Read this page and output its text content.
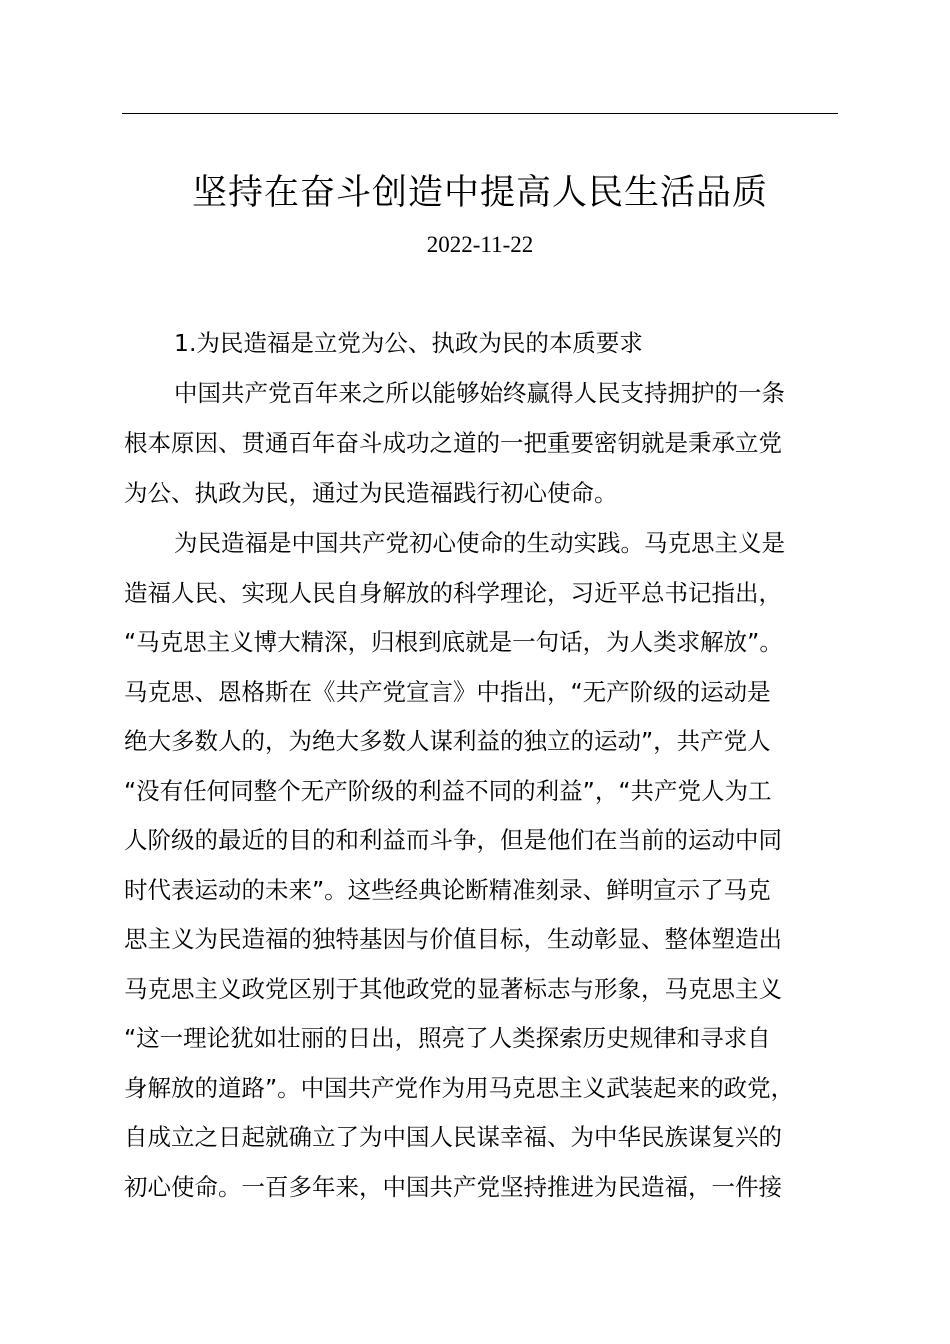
坚持在奋斗创造中提高人民生活品质
2022-11-22
1.为民造福是立党为公、执政为民的本质要求
中国共产党百年来之所以能够始终赢得人民支持拥护的一条
根本原因、贯通百年奋斗成功之道的一把重要密钥就是秉承立党
为公、执政为民，通过为民造福践行初心使命。
为民造福是中国共产党初心使命的生动实践。马克思主义是
造福人民、实现人民自身解放的科学理论，习近平总书记指出，
“马克思主义博大精深，归根到底就是一句话，为人类求解放”。
马克思、恩格斯在《共产党宣言》中指出，“无产阶级的运动是
绝大多数人的，为绝大多数人谋利益的独立的运动”，共产党人
“没有任何同整个无产阶级的利益不同的利益”，“共产党人为工
人阶级的最近的目的和利益而斗争，但是他们在当前的运动中同
时代表运动的未来”。这些经典论断精准刻录、鲜明宣示了马克
思主义为民造福的独特基因与价值目标，生动彰显、整体塑造出
马克思主义政党区别于其他政党的显著标志与形象，马克思主义
“这一理论犹如壮丽的日出，照亮了人类探索历史规律和寻求自
身解放的道路”。中国共产党作为用马克思主义武装起来的政党，
自成立之日起就确立了为中国人民谋幸福、为中华民族谋复兴的
初心使命。一百多年来，中国共产党坚持推进为民造福，一件接
